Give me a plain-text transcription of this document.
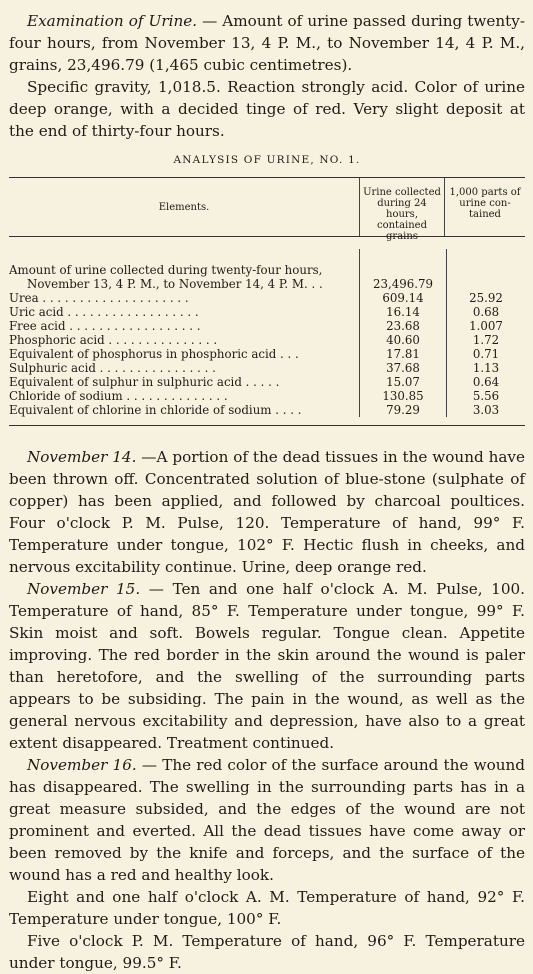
Examination of Urine. — Amount of urine passed during twenty-four hours, from November 13, 4 P. M., to November 14, 4 P. M., grains, 23,496.79 (1,465 cubic centimetres).

Specific gravity, 1,018.5. Reaction strongly acid. Color of urine deep orange, with a decided tinge of red. Very slight deposit at the end of thirty-four hours.

ANALYSIS OF URINE, NO. 1.
Elements.
Urine collected
during 24 hours,
contained grains
1,000 parts of
urine con-
tained
Amount of urine collected during twenty-four hours,
November 13, 4 P. M., to November 14, 4 P. M. . .
Urea . . . . . . . . . . . . . . . . . . . .
Uric acid . . . . . . . . . . . . . . . . . .
Free acid . . . . . . . . . . . . . . . . . .
Phosphoric acid . . . . . . . . . . . . . . .
Equivalent of phosphorus in phosphoric acid . . .
Sulphuric acid . . . . . . . . . . . . . . . .
Equivalent of sulphur in sulphuric acid . . . . .
Chloride of sodium . . . . . . . . . . . . . .
Equivalent of chlorine in chloride of sodium . . . .
23,496.79
609.14
16.14
23.68
40.60
17.81
37.68
15.07
130.85
79.29
25.92
0.68
1.007
1.72
0.71
1.13
0.64
5.56
3.03

November 14. —A portion of the dead tissues in the wound have been thrown off. Concentrated solution of blue-stone (sulphate of copper) has been applied, and followed by charcoal poultices. Four o'clock P. M. Pulse, 120. Temperature of hand, 99° F. Temperature under tongue, 102° F. Hectic flush in cheeks, and nervous excitability continue. Urine, deep orange red.

November 15. — Ten and one half o'clock A. M. Pulse, 100. Temperature of hand, 85° F. Temperature under tongue, 99° F. Skin moist and soft. Bowels regular. Tongue clean. Appetite improving. The red border in the skin around the wound is paler than heretofore, and the swelling of the surrounding parts appears to be subsiding. The pain in the wound, as well as the general nervous excitability and depression, have also to a great extent disappeared. Treatment continued.

November 16. — The red color of the surface around the wound has disappeared. The swelling in the surrounding parts has in a great measure subsided, and the edges of the wound are not prominent and everted. All the dead tissues have come away or been removed by the knife and forceps, and the surface of the wound has a red and healthy look.

Eight and one half o'clock A. M. Temperature of hand, 92° F. Temperature under tongue, 100° F.

Five o'clock P. M. Temperature of hand, 96° F. Temperature under tongue, 99.5° F.
